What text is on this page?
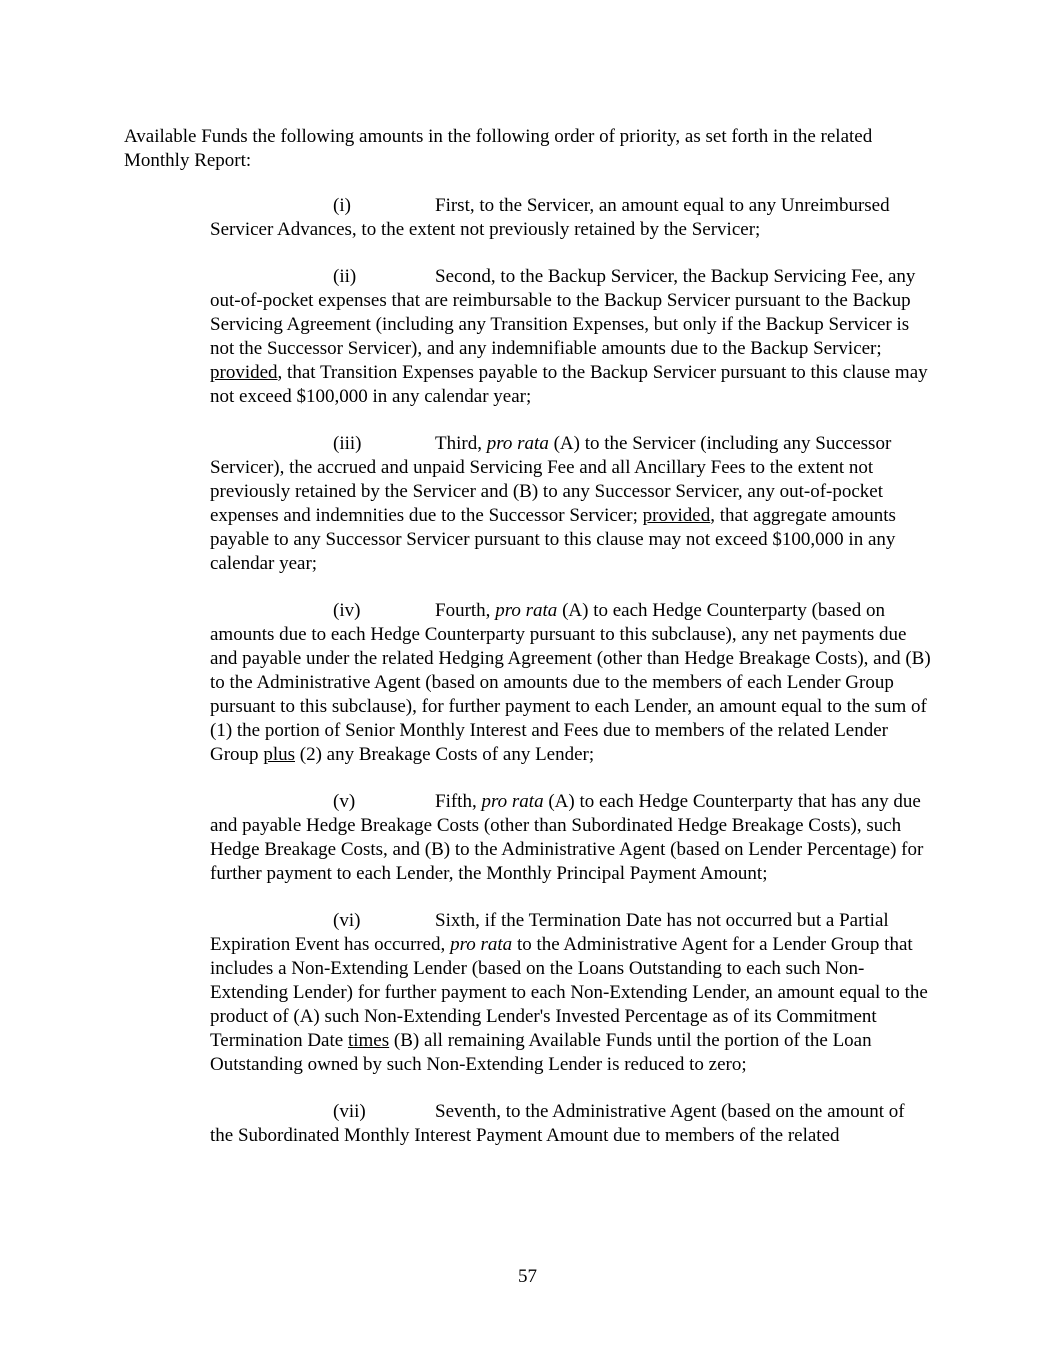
Available Funds the following amounts in the following order of priority, as set forth in the related Monthly Report:

(i)	First, to the Servicer, an amount equal to any Unreimbursed Servicer Advances, to the extent not previously retained by the Servicer;

(ii)	Second, to the Backup Servicer, the Backup Servicing Fee, any out-of-pocket expenses that are reimbursable to the Backup Servicer pursuant to the Backup Servicing Agreement (including any Transition Expenses, but only if the Backup Servicer is not the Successor Servicer), and any indemnifiable amounts due to the Backup Servicer; provided, that Transition Expenses payable to the Backup Servicer pursuant to this clause may not exceed $100,000 in any calendar year;

(iii)	Third, pro rata (A) to the Servicer (including any Successor Servicer), the accrued and unpaid Servicing Fee and all Ancillary Fees to the extent not previously retained by the Servicer and (B) to any Successor Servicer, any out-of-pocket expenses and indemnities due to the Successor Servicer; provided, that aggregate amounts payable to any Successor Servicer pursuant to this clause may not exceed $100,000 in any calendar year;

(iv)	Fourth, pro rata (A) to each Hedge Counterparty (based on amounts due to each Hedge Counterparty pursuant to this subclause), any net payments due and payable under the related Hedging Agreement (other than Hedge Breakage Costs), and (B) to the Administrative Agent (based on amounts due to the members of each Lender Group pursuant to this subclause), for further payment to each Lender, an amount equal to the sum of (1) the portion of Senior Monthly Interest and Fees due to members of the related Lender Group plus (2) any Breakage Costs of any Lender;

(v)	Fifth, pro rata (A) to each Hedge Counterparty that has any due and payable Hedge Breakage Costs (other than Subordinated Hedge Breakage Costs), such Hedge Breakage Costs, and (B) to the Administrative Agent (based on Lender Percentage) for further payment to each Lender, the Monthly Principal Payment Amount;

(vi)	Sixth, if the Termination Date has not occurred but a Partial Expiration Event has occurred, pro rata to the Administrative Agent for a Lender Group that includes a Non-Extending Lender (based on the Loans Outstanding to each such Non-Extending Lender) for further payment to each Non-Extending Lender, an amount equal to the product of (A) such Non-Extending Lender's Invested Percentage as of its Commitment Termination Date times (B) all remaining Available Funds until the portion of the Loan Outstanding owned by such Non-Extending Lender is reduced to zero;

(vii)	Seventh, to the Administrative Agent (based on the amount of the Subordinated Monthly Interest Payment Amount due to members of the related

57
